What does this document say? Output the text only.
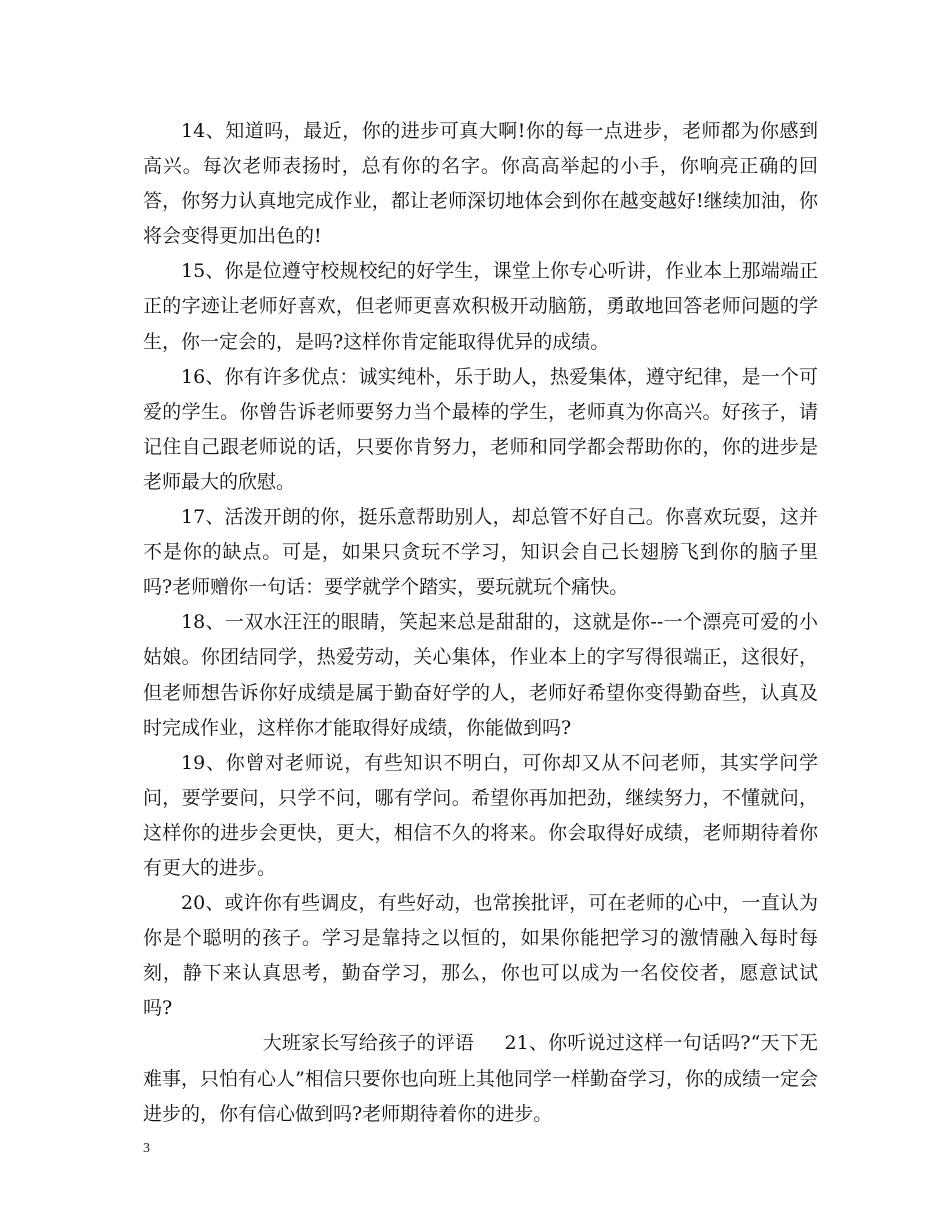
14、知道吗，最近，你的进步可真大啊!你的每一点进步，老师都为你感到高兴。每次老师表扬时，总有你的名字。你高高举起的小手，你响亮正确的回答，你努力认真地完成作业，都让老师深切地体会到你在越变越好!继续加油，你将会变得更加出色的!

15、你是位遵守校规校纪的好学生，课堂上你专心听讲，作业本上那端端正正的字迹让老师好喜欢，但老师更喜欢积极开动脑筋，勇敢地回答老师问题的学生，你一定会的，是吗?这样你肯定能取得优异的成绩。

16、你有许多优点：诚实纯朴，乐于助人，热爱集体，遵守纪律，是一个可爱的学生。你曾告诉老师要努力当个最棒的学生，老师真为你高兴。好孩子，请记住自己跟老师说的话，只要你肯努力，老师和同学都会帮助你的，你的进步是老师最大的欣慰。

17、活泼开朗的你，挺乐意帮助别人，却总管不好自己。你喜欢玩耍，这并不是你的缺点。可是，如果只贪玩不学习，知识会自己长翅膀飞到你的脑子里吗?老师赠你一句话：要学就学个踏实，要玩就玩个痛快。

18、一双水汪汪的眼睛，笑起来总是甜甜的，这就是你--一个漂亮可爱的小姑娘。你团结同学，热爱劳动，关心集体，作业本上的字写得很端正，这很好，但老师想告诉你好成绩是属于勤奋好学的人，老师好希望你变得勤奋些，认真及时完成作业，这样你才能取得好成绩，你能做到吗?

19、你曾对老师说，有些知识不明白，可你却又从不问老师，其实学问学问，要学要问，只学不问，哪有学问。希望你再加把劲，继续努力，不懂就问，这样你的进步会更快，更大，相信不久的将来。你会取得好成绩，老师期待着你有更大的进步。

20、或许你有些调皮，有些好动，也常挨批评，可在老师的心中，一直认为你是个聪明的孩子。学习是靠持之以恒的，如果你能把学习的激情融入每时每刻，静下来认真思考，勤奋学习，那么，你也可以成为一名佼佼者，愿意试试吗?

大班家长写给孩子的评语 21、你听说过这样一句话吗?“天下无难事，只怕有心人”相信只要你也向班上其他同学一样勤奋学习，你的成绩一定会进步的，你有信心做到吗?老师期待着你的进步。

3
